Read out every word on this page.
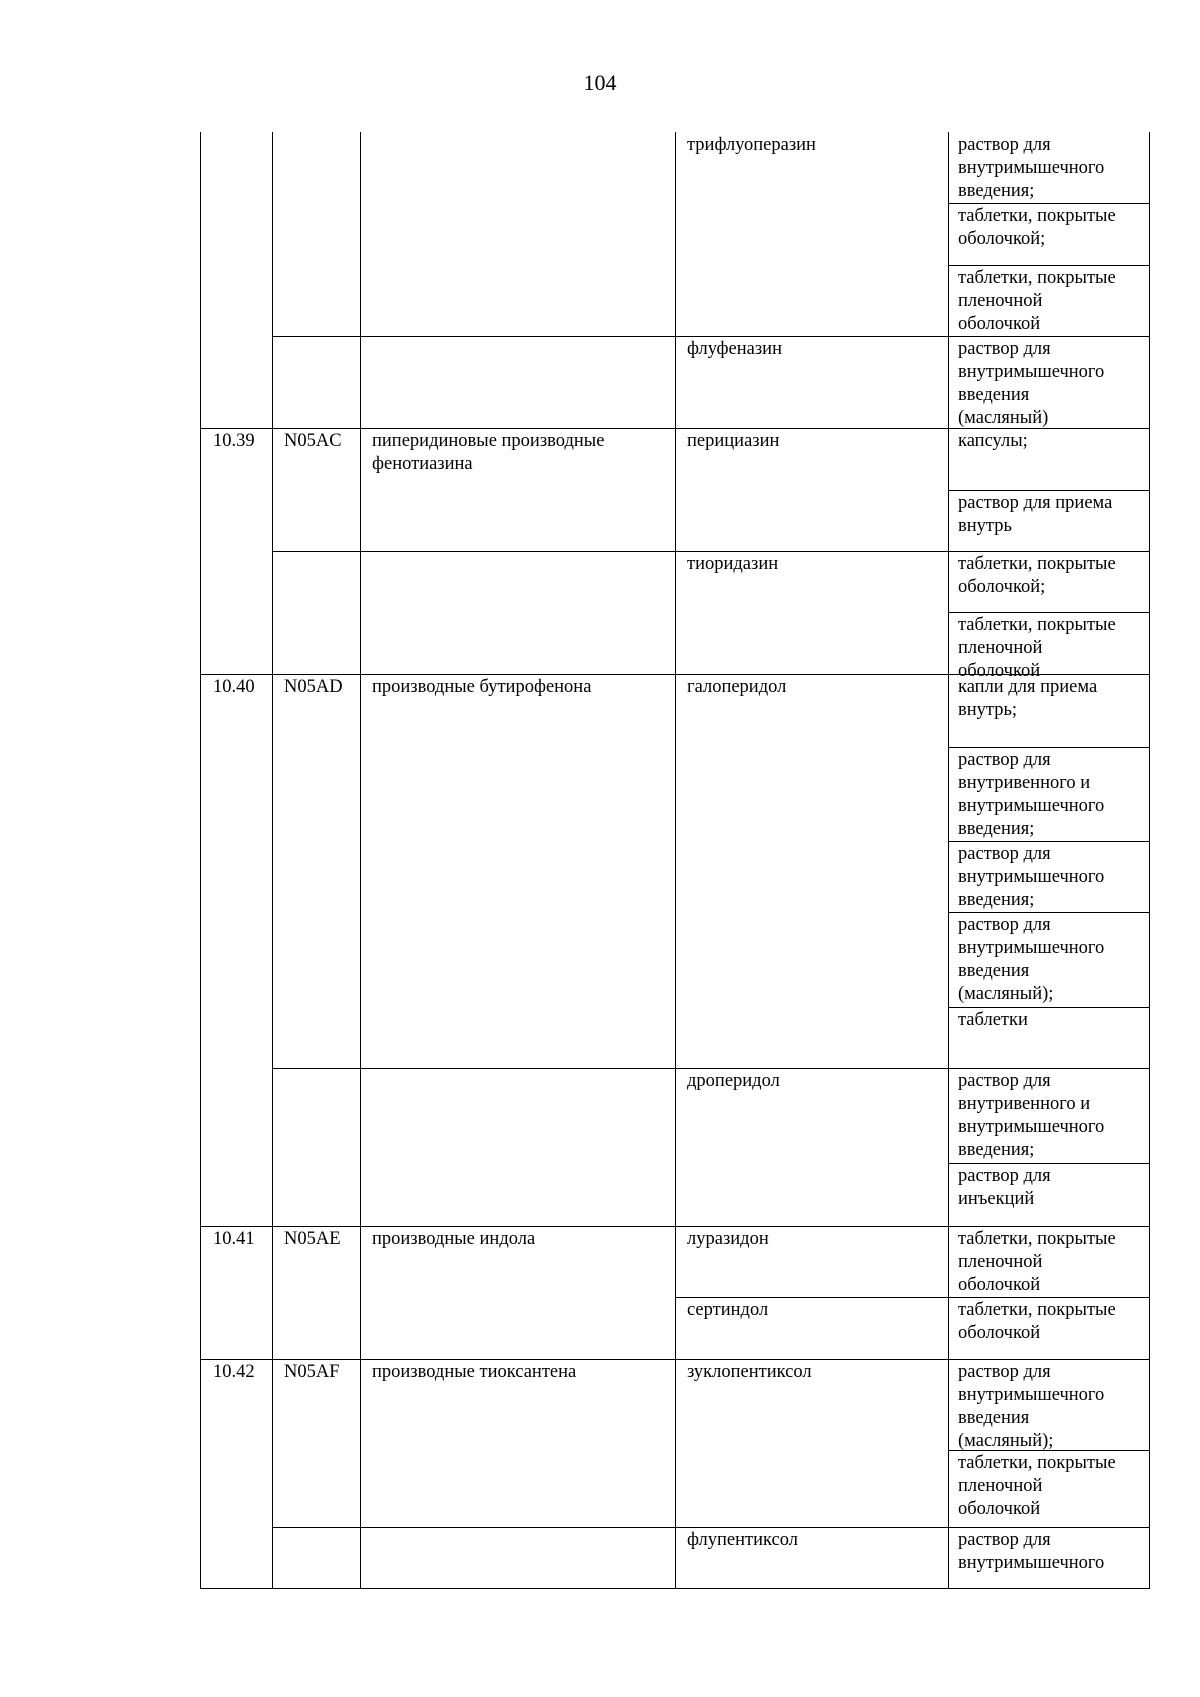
104
трифлуоперазин	раствор для
внутримышечного
введения;
таблетки, покрытые
оболочкой;
таблетки, покрытые
пленочной
оболочкой
флуфеназин	раствор для
внутримышечного
введения
(масляный)
10.39 N05AC пиперидиновые производные
фенотиазина
перициазин	капсулы;
раствор для приема
внутрь
тиоридазин	таблетки, покрытые
оболочкой;
таблетки, покрытые
пленочной
оболочкой
10.40 N05AD производные бутирофенона	галоперидол	капли для приема
внутрь;
раствор для
внутривенного и
внутримышечного
введения;
раствор для
внутримышечного
введения;
раствор для
внутримышечного
введения
(масляный);
таблетки
дроперидол	раствор для
внутривенного и
внутримышечного
введения;
раствор для
инъекций
10.41 N05AE производные индола	луразидон	таблетки, покрытые
пленочной
оболочкой
сертиндол	таблетки, покрытые
оболочкой
10.42 N05AF производные тиоксантена	зуклопентиксол	раствор для
внутримышечного
введения
(масляный);
таблетки, покрытые
пленочной
оболочкой
флупентиксол	раствор для
внутримышечного
